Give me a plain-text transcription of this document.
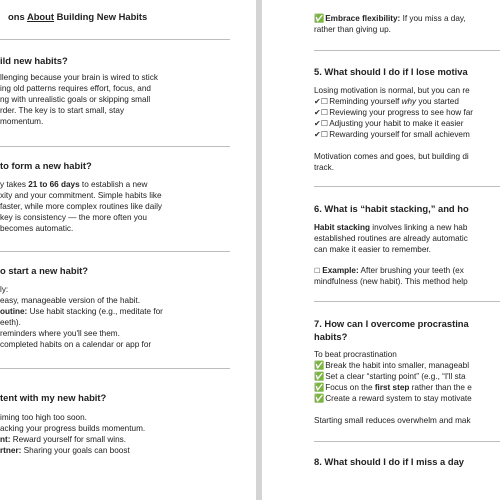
ons About Building New Habits
ild new habits?
llenging because your brain is wired to stick
ing old patterns requires effort, focus, and
ng with unrealistic goals or skipping small
rder. The key is to start small, stay
momentum.
to form a new habit?
y takes 21 to 66 days to establish a new
xity and your commitment. Simple habits like
faster, while more complex routines like daily
key is consistency — the more often you
becomes automatic.
o start a new habit?
ly:
easy, manageable version of the habit.
outine: Use habit stacking (e.g., meditate for
eeth).
reminders where you'll see them.
completed habits on a calendar or app for
tent with my new habit?
iming too high too soon.
acking your progress builds momentum.
nt: Reward yourself for small wins.
rtner: Sharing your goals can boost
✅Embrace flexibility: If you miss a day,
rather than giving up.
5. What should I do if I lose motiva
Losing motivation is normal, but you can re
✔☐Reminding yourself why you started
✔☐Reviewing your progress to see how far
✔☐Adjusting your habit to make it easier
✔☐Rewarding yourself for small achievem
Motivation comes and goes, but building di
track.
6. What is “habit stacking,” and ho
Habit stacking involves linking a new hab
established routines are already automatic
can make it easier to remember.
☐ Example: After brushing your teeth (ex
mindfulness (new habit). This method help
7. How can I overcome procrastina
habits?
To beat procrastination
✅Break the habit into smaller, manageabl
✅Set a clear “starting point” (e.g., “I'll sta
✅Focus on the first step rather than the e
✅Create a reward system to stay motivate
Starting small reduces overwhelm and mak
8. What should I do if I miss a day
